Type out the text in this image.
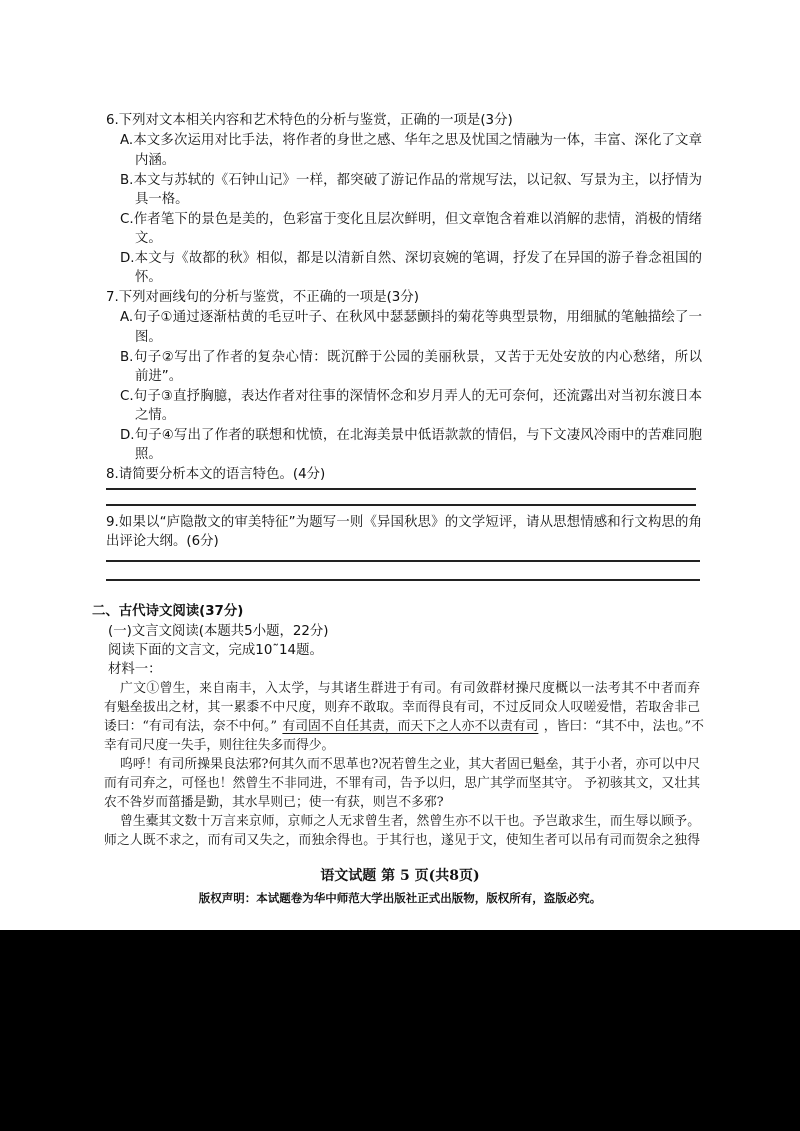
6.下列对文本相关内容和艺术特色的分析与鉴赏，正确的一项是(3分)
A.本文多次运用对比手法，将作者的身世之感、华年之思及忧国之情融为一体，丰富、深化了文章
内涵。
B.本文与苏轼的《石钟山记》一样，都突破了游记作品的常规写法，以记叙、写景为主，以抒情为
具一格。
C.作者笔下的景色是美的，色彩富于变化且层次鲜明，但文章饱含着难以消解的悲情，消极的情绪
文。
D.本文与《故都的秋》相似，都是以清新自然、深切哀婉的笔调，抒发了在异国的游子眷念祖国的
怀。
7.下列对画线句的分析与鉴赏，不正确的一项是(3分)
A.句子①通过逐渐枯黄的毛豆叶子、在秋风中瑟瑟颤抖的菊花等典型景物，用细腻的笔触描绘了一
图。
B.句子②写出了作者的复杂心情：既沉醉于公园的美丽秋景，又苦于无处安放的内心愁绪，所以
前进”。
C.句子③直抒胸臆，表达作者对往事的深情怀念和岁月弄人的无可奈何，还流露出对当初东渡日本
之情。
D.句子④写出了作者的联想和忧愤，在北海美景中低语款款的情侣，与下文凄风冷雨中的苦难同胞
照。
8.请简要分析本文的语言特色。(4分)
9.如果以“庐隐散文的审美特征”为题写一则《异国秋思》的文学短评，请从思想情感和行文构思的角
出评论大纲。(6分)
二、古代诗文阅读(37分)
(一)文言文阅读(本题共5小题，22分)
阅读下面的文言文，完成10˜14题。
材料一：
广文①曾生，来自南丰，入太学，与其诸生群进于有司。有司敛群材操尺度概以一法考其不中者而弃
有魁垒拔出之材，其一累黍不中尺度，则弃不敢取。幸而得良有司，不过反同众人叹嗟爱惜，若取舍非己
诿曰：“有司有法，奈不中何。” 有司固不自任其责，而天下之人亦不以责有司 ，皆曰：“其不中，法也。”不
幸有司尺度一失手，则往往失多而得少。
呜呼！有司所操果良法邪?何其久而不思革也?况若曾生之业，其大者固已魁垒，其于小者，亦可以中尺
而有司弃之，可怪也！然曾生不非同进，不罪有司，告予以归，思广其学而坚其守。 予初骇其文，又壮其
农不咎岁而菑播是勤，其水旱则已；使一有获，则岂不多邪?
曾生橐其文数十万言来京师，京师之人无求曾生者，然曾生亦不以干也。予岂敢求生，而生辱以顾予。
师之人既不求之，而有司又失之，而独余得也。于其行也，遂见于文，使知生者可以吊有司而贺余之独得
语文试题 第 5 页(共8页)
版权声明：本试题卷为华中师范大学出版社正式出版物，版权所有，盗版必究。
